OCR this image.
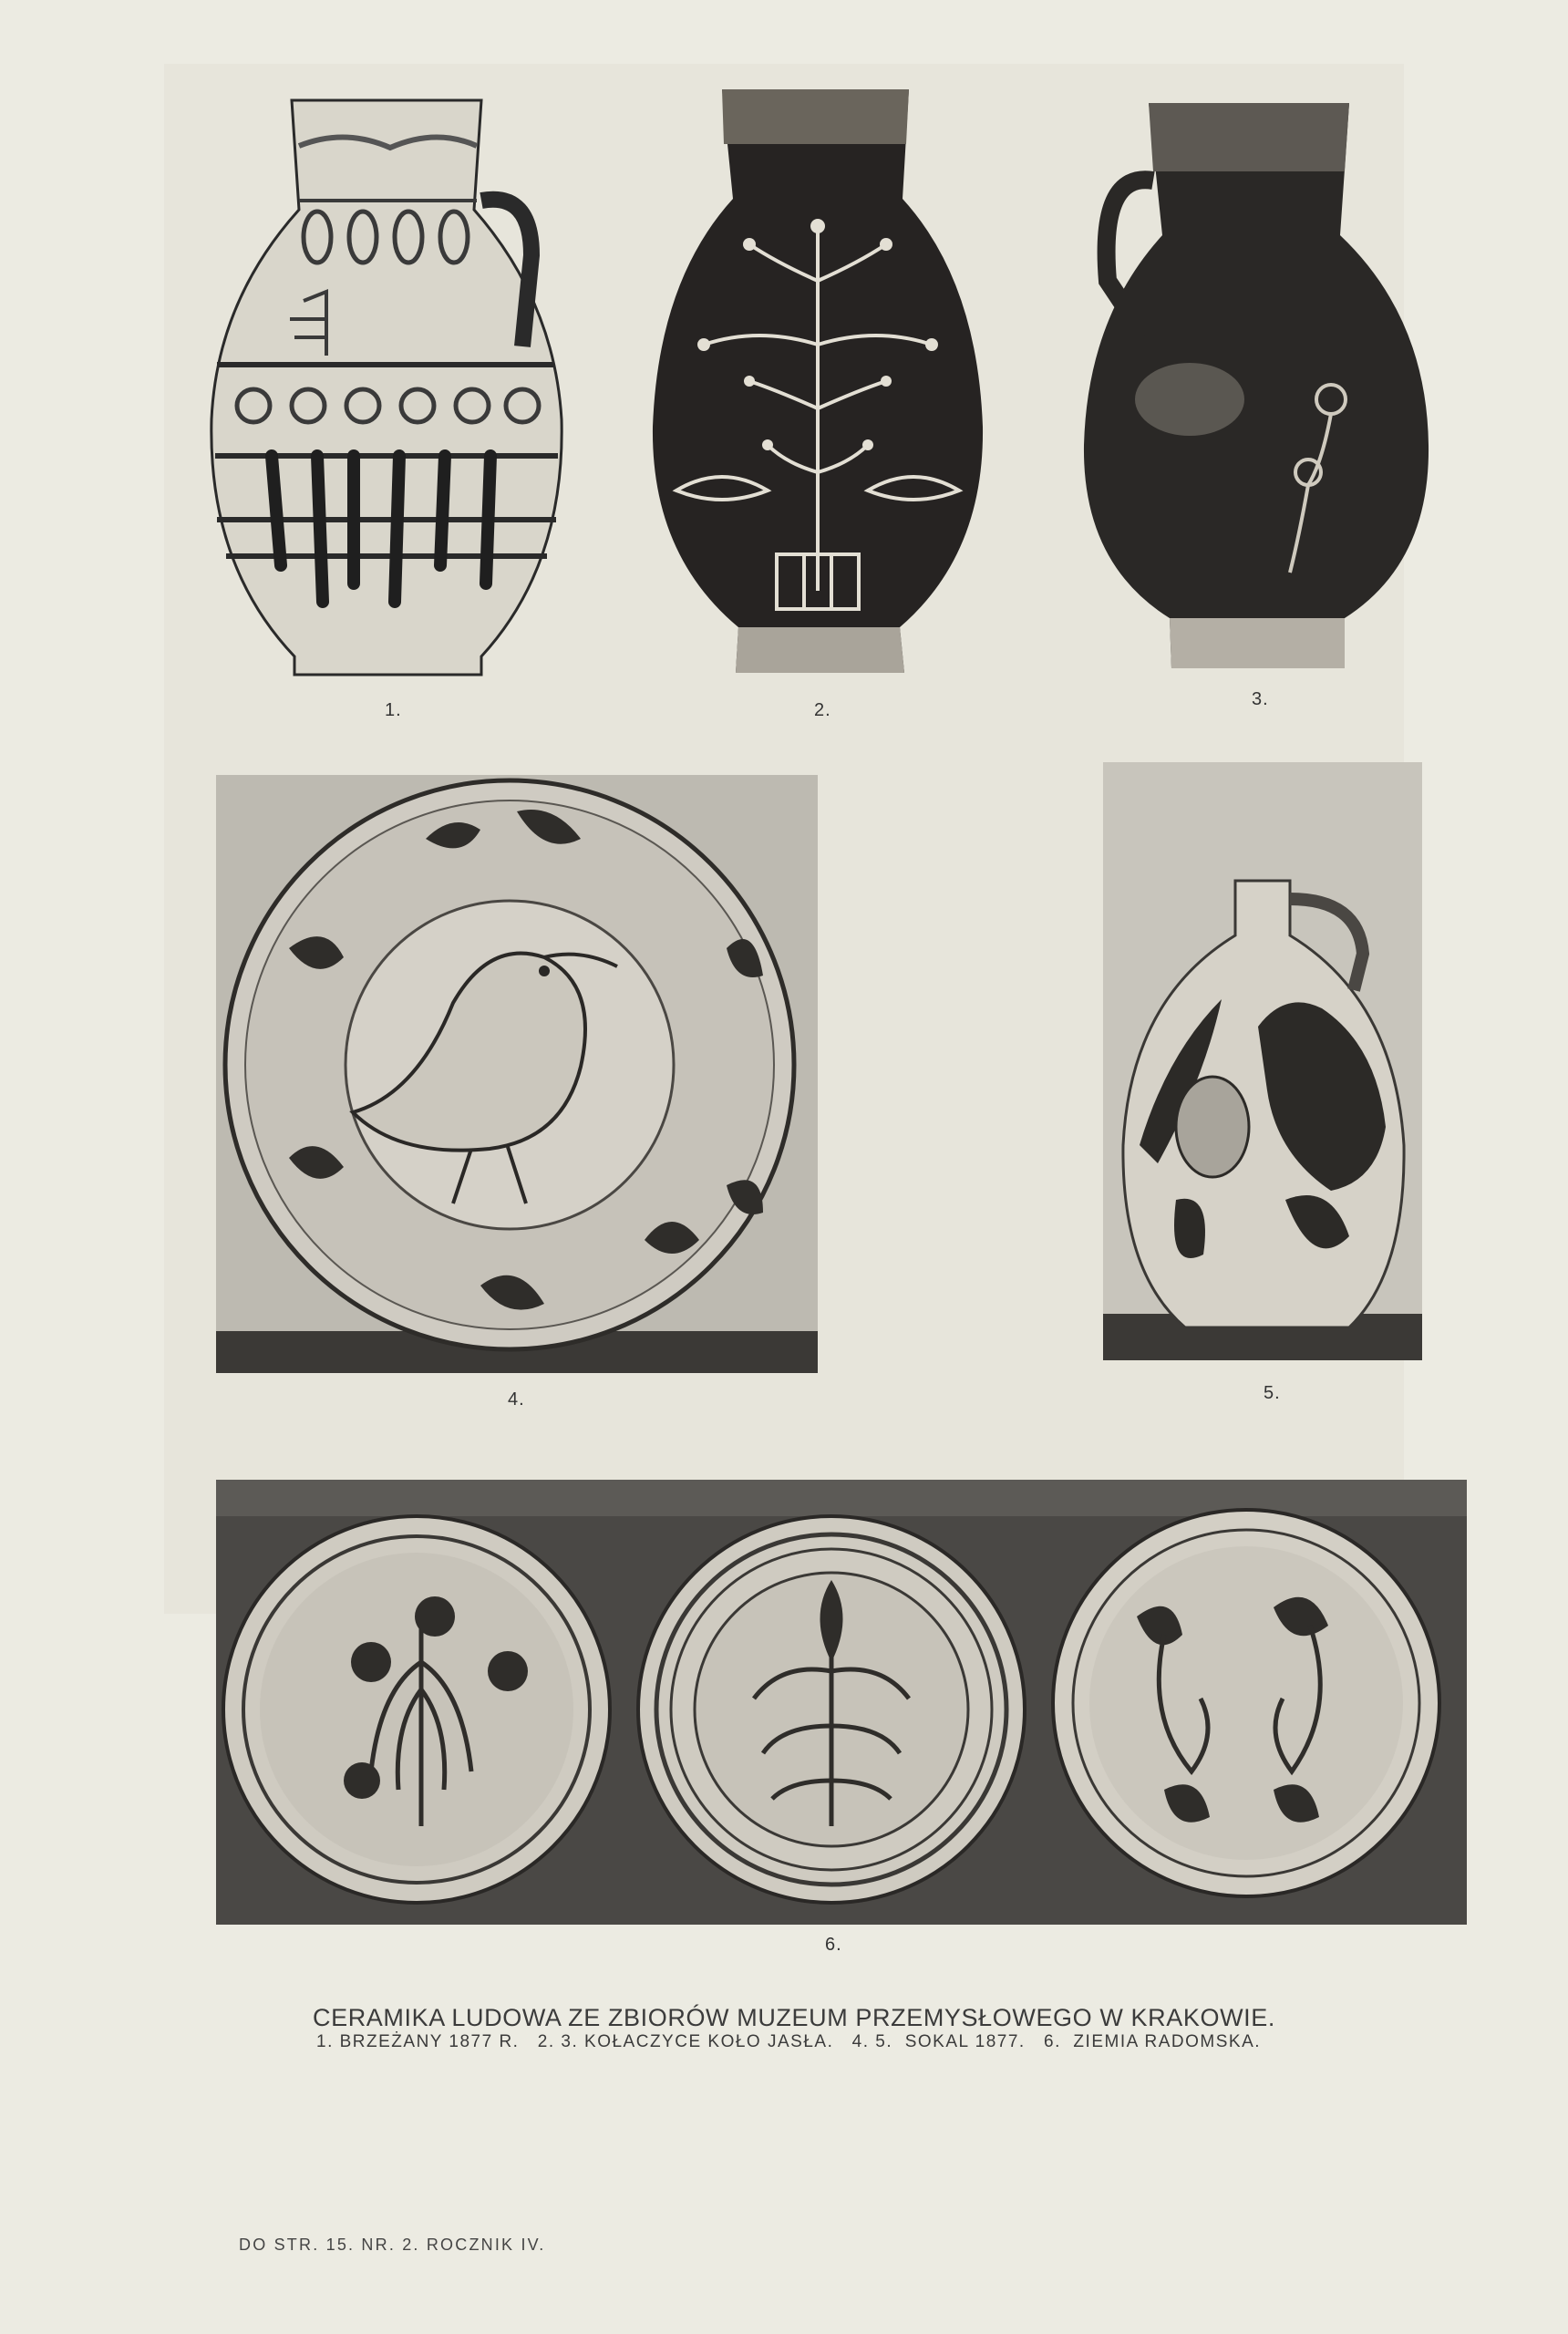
1.	2.
3.
4.	5.
6.
CERAMIKA LUDOWA ZE ZBIORÓW MUZEUM PRZEMYSŁOWEGO W KRAKOWIE.
1. BRZEŻANY 1877 R.   2. 3. KOŁACZYCE KOŁO JASŁA.   4. 5.  SOKAL 1877.   6.  ZIEMIA RADOMSKA.
DO STR. 15. NR. 2. ROCZNIK IV.
